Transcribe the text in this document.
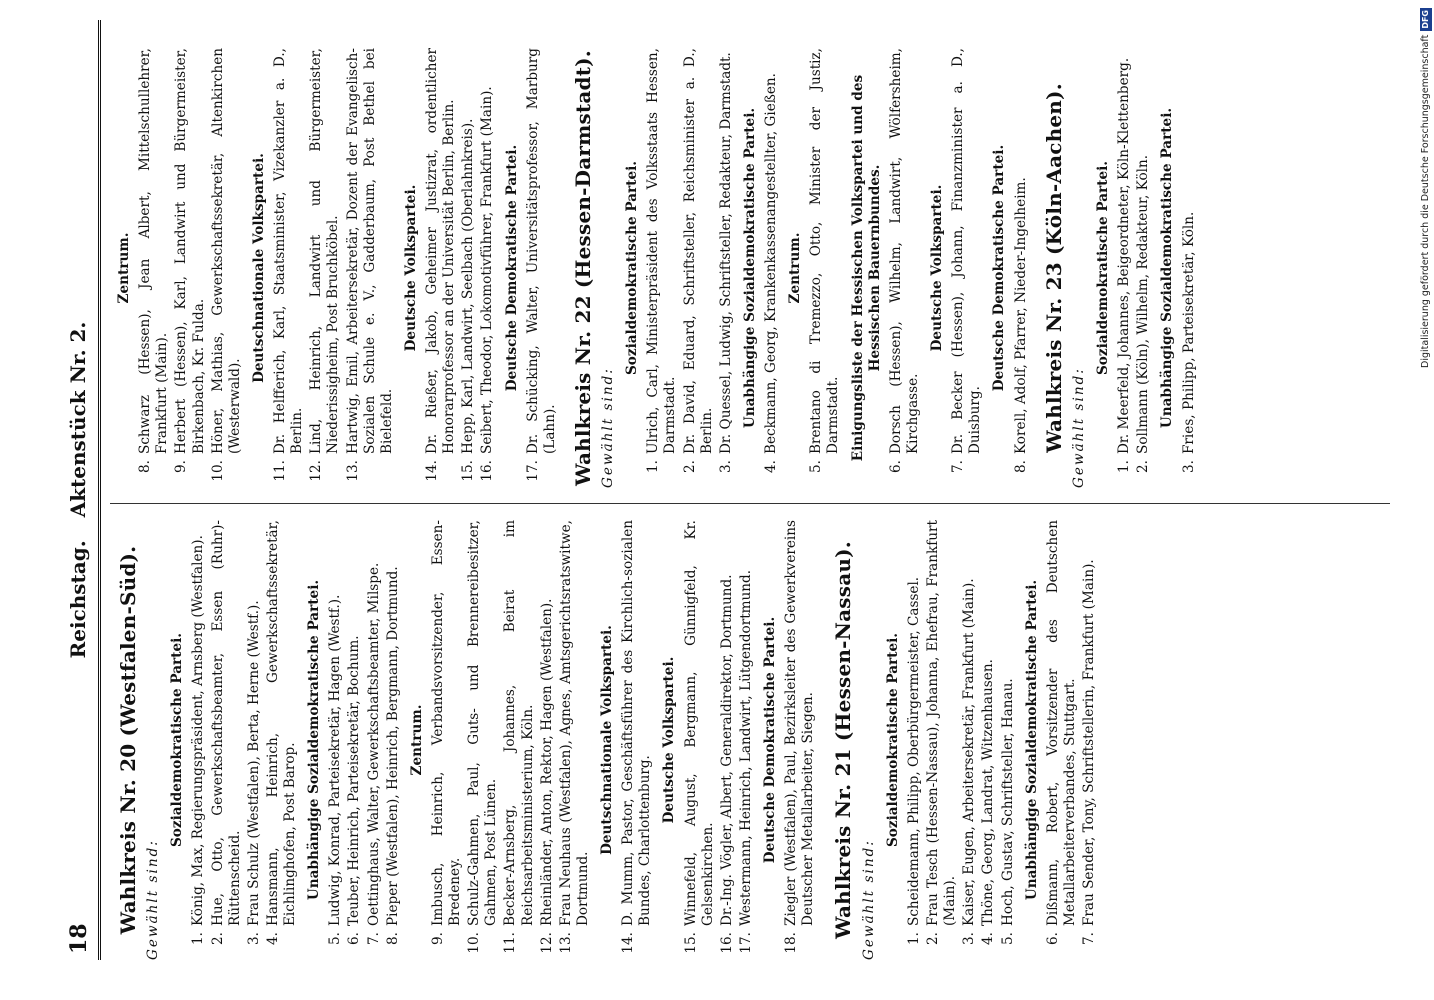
18
Reichstag. Aktenstück Nr. 2.
Wahlkreis Nr. 20 (Westfalen-Süd). Gewählt sind:
Sozialdemokratische Partei.
1.
König, Max, Regierungspräsident, Arnsberg (Westfalen).
2.
Hue, Otto, Gewerkschaftsbeamter, Essen (Ruhr)-Rüttenscheid.
3.
Frau Schulz (Westfalen), Berta, Herne (Westf.).
4.
Hansmann, Heinrich, Gewerkschaftssekretär, Eichlinghofen, Post Barop. Unabhängige Sozialdemokratische Partei.
5.
Ludwig, Konrad, Parteisekretär, Hagen (Westf.).
6.
Teuber, Heinrich, Parteisekretär, Bochum.
7.
Oettinghaus, Walter, Gewerkschaftsbeamter, Milspe.
8.
Pieper (Westfalen), Heinrich, Bergmann, Dortmund. Zentrum.
9.
Imbusch, Heinrich, Verbandsvorsitzender, Essen-Bredeney.
10.
Schulz-Gahmen, Paul, Guts- und Brennereibesitzer, Gahmen, Post Lünen.
11.
Becker-Arnsberg, Johannes, Beirat im Reichsarbeitsministerium, Köln.
12.
Rheinländer, Anton, Rektor, Hagen (Westfalen).
13.
Frau Neuhaus (Westfalen), Agnes, Amtsgerichtsratswitwe, Dortmund.
Deutschnationale Volkspartei.
14.
D. Mumm, Pastor, Geschäftsführer des Kirchlich-sozialen Bundes, Charlottenburg.
Deutsche Volkspartei.
15.
Winnefeld, August, Bergmann, Günnigfeld, Kr. Gelsenkirchen.
16.
Dr.-Ing. Vögler, Albert, Generaldirektor, Dortmund.
17.
Westermann, Heinrich, Landwirt, Lütgendortmund. Deutsche Demokratische Partei.
18.
Ziegler (Westfalen), Paul, Bezirksleiter des Gewerkvereins Deutscher Metallarbeiter, Siegen. Wahlkreis Nr. 21 (Hessen-Nassau). Gewählt sind:
Sozialdemokratische Partei.
1.
Scheidemann, Philipp, Oberbürgermeister, Cassel.
2.
Frau Tesch (Hessen-Nassau), Johanna, Ehefrau, Frankfurt (Main).
3.
Kaiser, Eugen, Arbeitersekretär, Frankfurt (Main).
4.
Thöne, Georg, Landrat, Witzenhausen.
5.
Hoch, Gustav, Schriftsteller, Hanau. Unabhängige Sozialdemokratische Partei.
6.
Dißmann, Robert, Vorsitzender des Deutschen Metallarbeiterverbandes, Stuttgart.
7.
Frau Sender, Tony, Schriftstellerin, Frankfurt (Main).
Zentrum.
8.
Schwarz (Hessen), Jean Albert, Mittelschullehrer, Frankfurt (Main).
9.
Herbert (Hessen), Karl, Landwirt und Bürgermeister, Birkenbach, Kr. Fulda.
10.
Höner, Mathias, Gewerkschaftssekretär, Altenkirchen (Westerwald).
Deutschnationale Volkspartei.
11.
Dr. Helfferich, Karl, Staatsminister, Vizekanzler a. D., Berlin.
12.
Lind, Heinrich, Landwirt und Bürgermeister, Niederissigheim, Post Bruchköbel.
13.
Hartwig, Emil, Arbeitersekretär, Dozent der Evangelisch-Sozialen Schule e. V., Gadderbaum, Post Bethel bei Bielefeld.
Deutsche Volkspartei.
14.
Dr. Rießer, Jakob, Geheimer Justizrat, ordentlicher Honorarprofessor an der Universität Berlin, Berlin.
15.
Hepp, Karl, Landwirt, Seelbach (Oberlahnkreis).
16.
Seibert, Theodor, Lokomotivführer, Frankfurt (Main). Deutsche Demokratische Partei.
17.
Dr. Schücking, Walter, Universitätsprofessor, Marburg (Lahn). Wahlkreis Nr. 22 (Hessen-Darmstadt). Gewählt sind:
Sozialdemokratische Partei.
1.
Ulrich, Carl, Ministerpräsident des Volksstaats Hessen, Darmstadt.
2.
Dr. David, Eduard, Schriftsteller, Reichsminister a. D., Berlin.
3.
Dr. Quessel, Ludwig, Schriftsteller, Redakteur, Darmstadt. Unabhängige Sozialdemokratische Partei.
4.
Beckmann, Georg, Krankenkassenangestellter, Gießen. Zentrum.
5.
Brentano di Tremezzo, Otto, Minister der Justiz, Darmstadt. Einigungsliste der Hessischen Volkspartei und des Hessischen Bauernbundes.
6.
Dorsch (Hessen), Wilhelm, Landwirt, Wölfersheim, Kirchgasse.
Deutsche Volkspartei.
7.
Dr. Becker (Hessen), Johann, Finanzminister a. D., Duisburg.
Deutsche Demokratische Partei.
8.
Korell, Adolf, Pfarrer, Nieder-Ingelheim. Wahlkreis Nr. 23 (Köln-Aachen). Gewählt sind:
Sozialdemokratische Partei.
1.
Dr. Meerfeld, Johannes, Beigeordneter, Köln-Klettenberg.
2.
Sollmann (Köln), Wilhelm, Redakteur, Köln. Unabhängige Sozialdemokratische Partei.
3.
Fries, Philipp, Parteisekretär, Köln.	Digitalisierung gefördert durch die Deutsche Forschungsgemeinschaft
DFG
